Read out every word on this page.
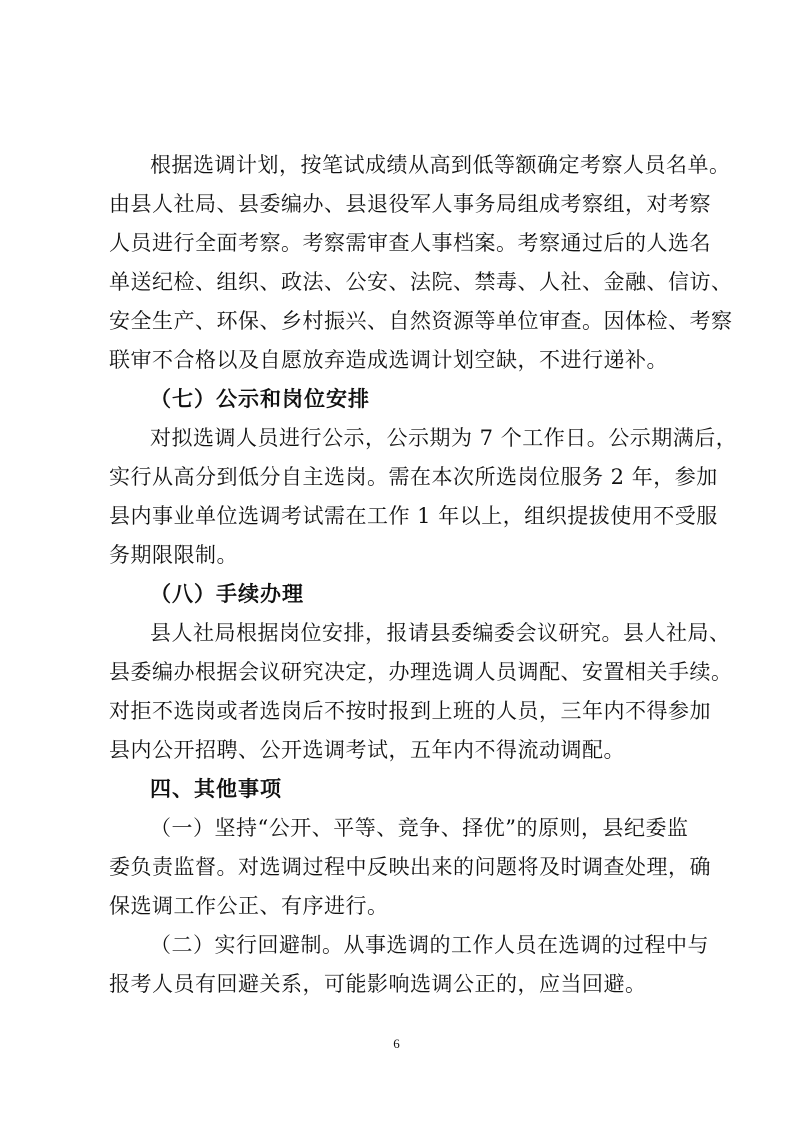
根据选调计划，按笔试成绩从高到低等额确定考察人员名单。
由县人社局、县委编办、县退役军人事务局组成考察组，对考察
人员进行全面考察。考察需审查人事档案。考察通过后的人选名
单送纪检、组织、政法、公安、法院、禁毒、人社、金融、信访、
安全生产、环保、乡村振兴、自然资源等单位审查。因体检、考察
联审不合格以及自愿放弃造成选调计划空缺，不进行递补。
（七）公示和岗位安排
对拟选调人员进行公示，公示期为 7 个工作日。公示期满后，
实行从高分到低分自主选岗。需在本次所选岗位服务 2 年，参加
县内事业单位选调考试需在工作 1 年以上，组织提拔使用不受服
务期限限制。
（八）手续办理
县人社局根据岗位安排，报请县委编委会议研究。县人社局、
县委编办根据会议研究决定，办理选调人员调配、安置相关手续。
对拒不选岗或者选岗后不按时报到上班的人员，三年内不得参加
县内公开招聘、公开选调考试，五年内不得流动调配。
四、其他事项
（一）坚持“公开、平等、竞争、择优”的原则，县纪委监
委负责监督。对选调过程中反映出来的问题将及时调查处理，确
保选调工作公正、有序进行。
（二）实行回避制。从事选调的工作人员在选调的过程中与
报考人员有回避关系，可能影响选调公正的，应当回避。
6
